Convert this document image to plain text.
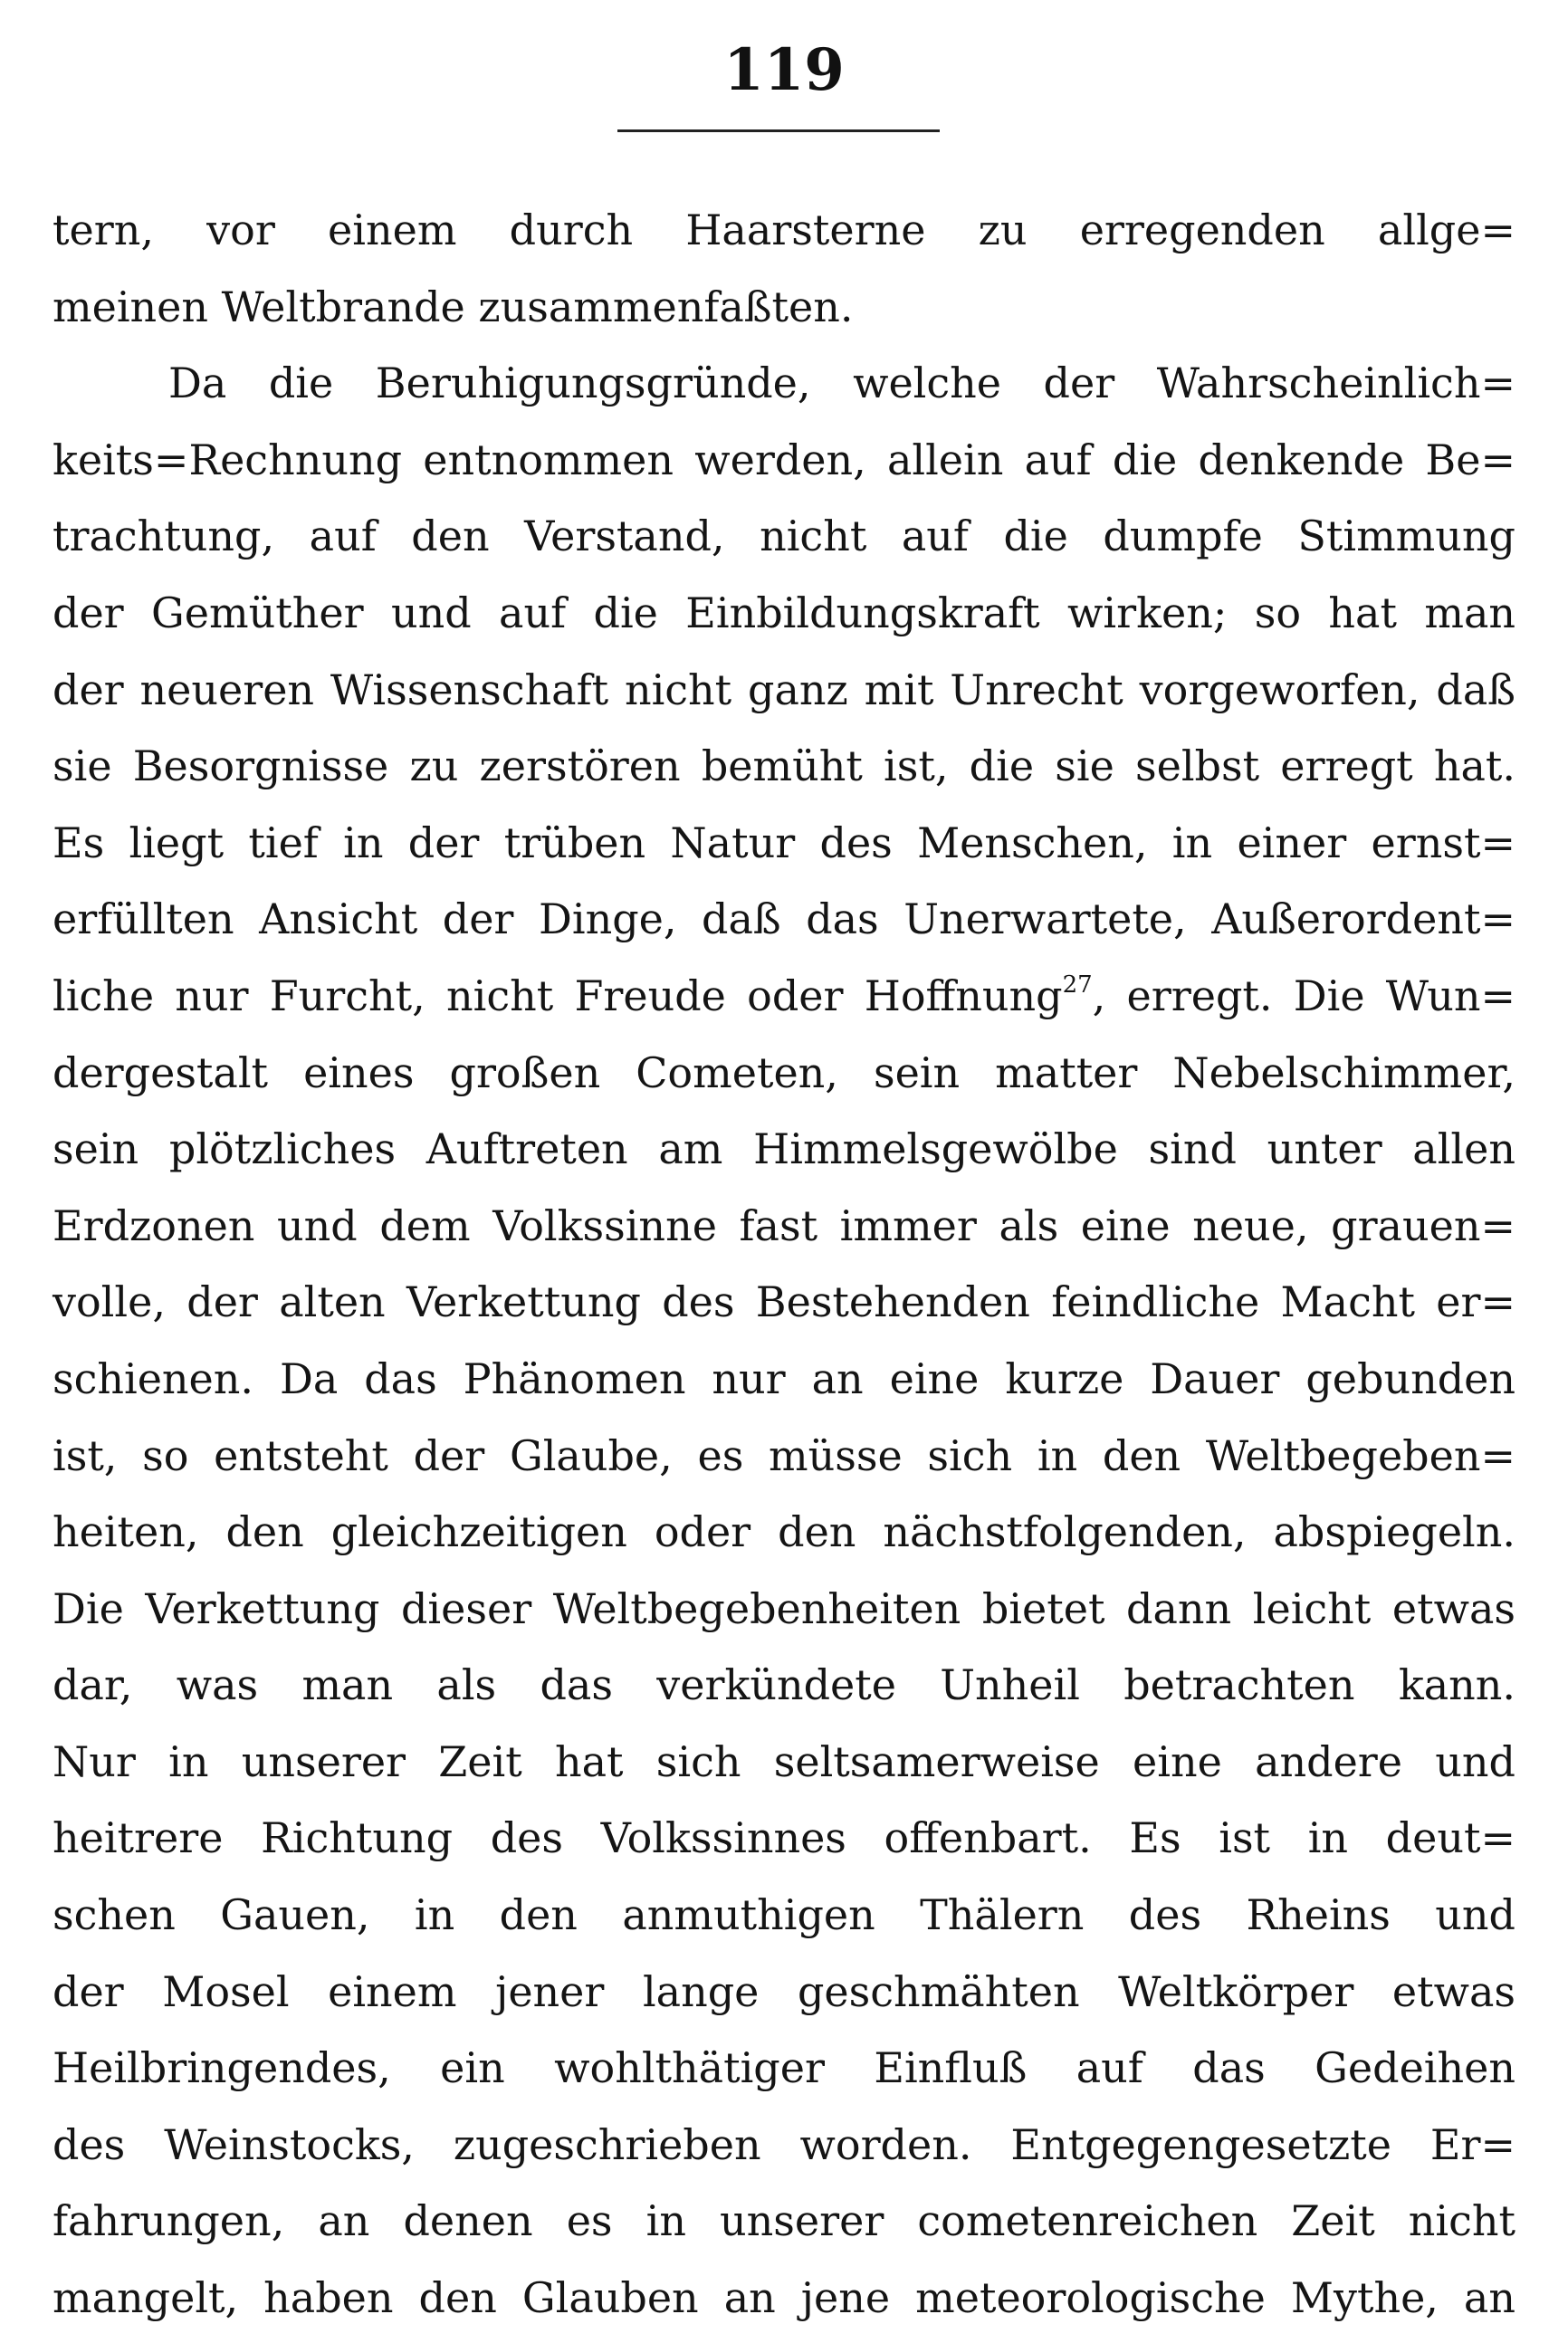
119
tern, vor einem durch Haarsterne zu erregenden allge=
meinen Weltbrande zusammenfaßten.
Da die Beruhigungsgründe, welche der Wahrscheinlich=
keits=Rechnung entnommen werden, allein auf die denkende Be=
trachtung, auf den Verstand, nicht auf die dumpfe Stimmung
der Gemüther und auf die Einbildungskraft wirken; so hat man
der neueren Wissenschaft nicht ganz mit Unrecht vorgeworfen, daß
sie Besorgnisse zu zerstören bemüht ist, die sie selbst erregt hat.
Es liegt tief in der trüben Natur des Menschen, in einer ernst=
erfüllten Ansicht der Dinge, daß das Unerwartete, Außerordent=
liche nur Furcht, nicht Freude oder Hoffnung$^{27}$, erregt. Die Wun=
dergestalt eines großen Cometen, sein matter Nebelschimmer,
sein plötzliches Auftreten am Himmelsgewölbe sind unter allen
Erdzonen und dem Volkssinne fast immer als eine neue, grauen=
volle, der alten Verkettung des Bestehenden feindliche Macht er=
schienen. Da das Phänomen nur an eine kurze Dauer gebunden
ist, so entsteht der Glaube, es müsse sich in den Weltbegeben=
heiten, den gleichzeitigen oder den nächstfolgenden, abspiegeln.
Die Verkettung dieser Weltbegebenheiten bietet dann leicht etwas
dar, was man als das verkündete Unheil betrachten kann.
Nur in unserer Zeit hat sich seltsamerweise eine andere und
heitrere Richtung des Volkssinnes offenbart. Es ist in deut=
schen Gauen, in den anmuthigen Thälern des Rheins und
der Mosel einem jener lange geschmähten Weltkörper etwas
Heilbringendes, ein wohlthätiger Einfluß auf das Gedeihen
des Weinstocks, zugeschrieben worden. Entgegengesetzte Er=
fahrungen, an denen es in unserer cometenreichen Zeit nicht
mangelt, haben den Glauben an jene meteorologische Mythe, an
